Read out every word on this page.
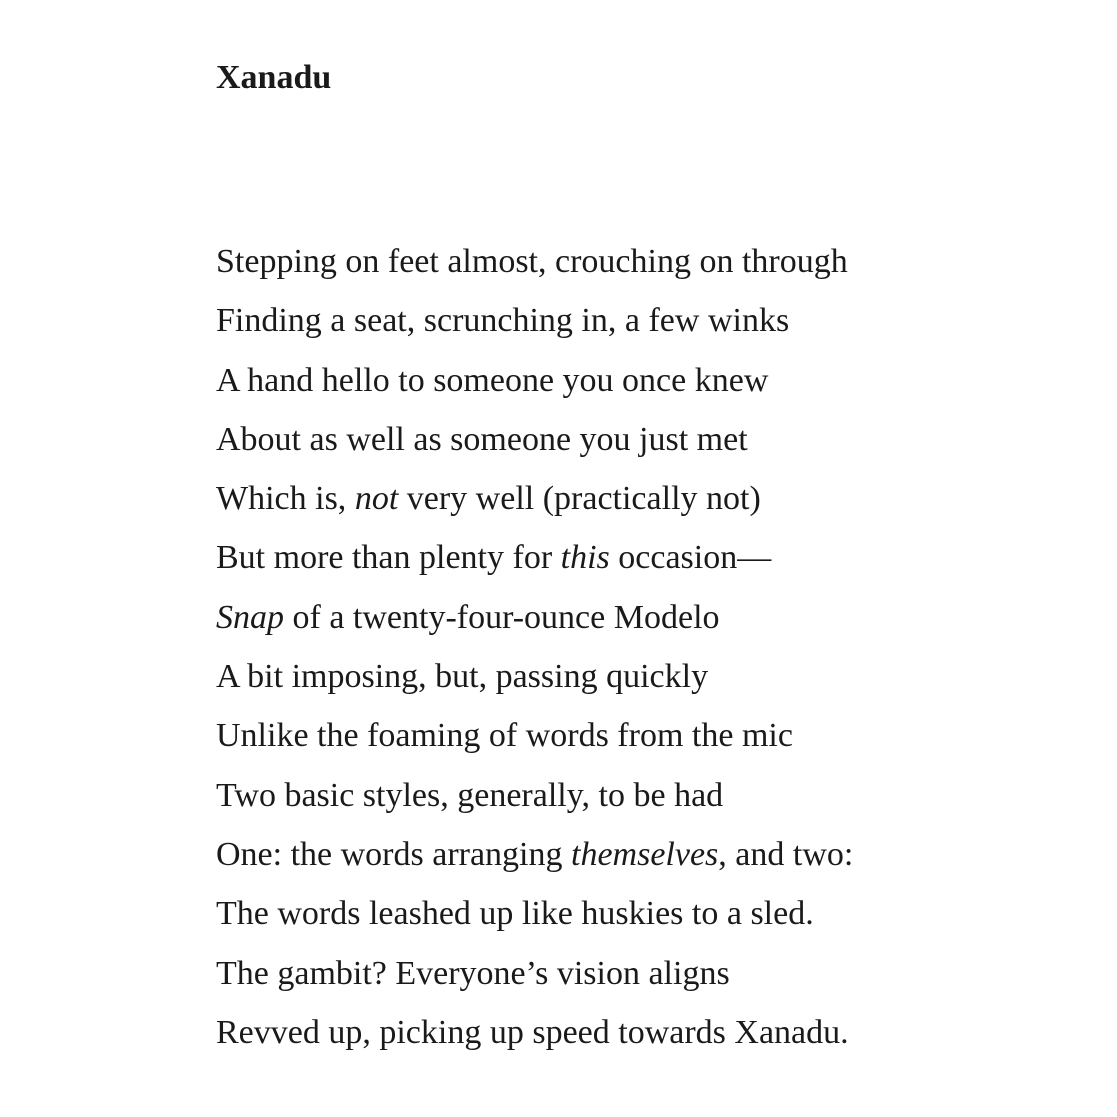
Xanadu
Stepping on feet almost, crouching on through
Finding a seat, scrunching in, a few winks
A hand hello to someone you once knew
About as well as someone you just met
Which is, not very well (practically not)
But more than plenty for this occasion—
Snap of a twenty-four-ounce Modelo
A bit imposing, but, passing quickly
Unlike the foaming of words from the mic
Two basic styles, generally, to be had
One: the words arranging themselves, and two:
The words leashed up like huskies to a sled.
The gambit? Everyone’s vision aligns
Revved up, picking up speed towards Xanadu.
